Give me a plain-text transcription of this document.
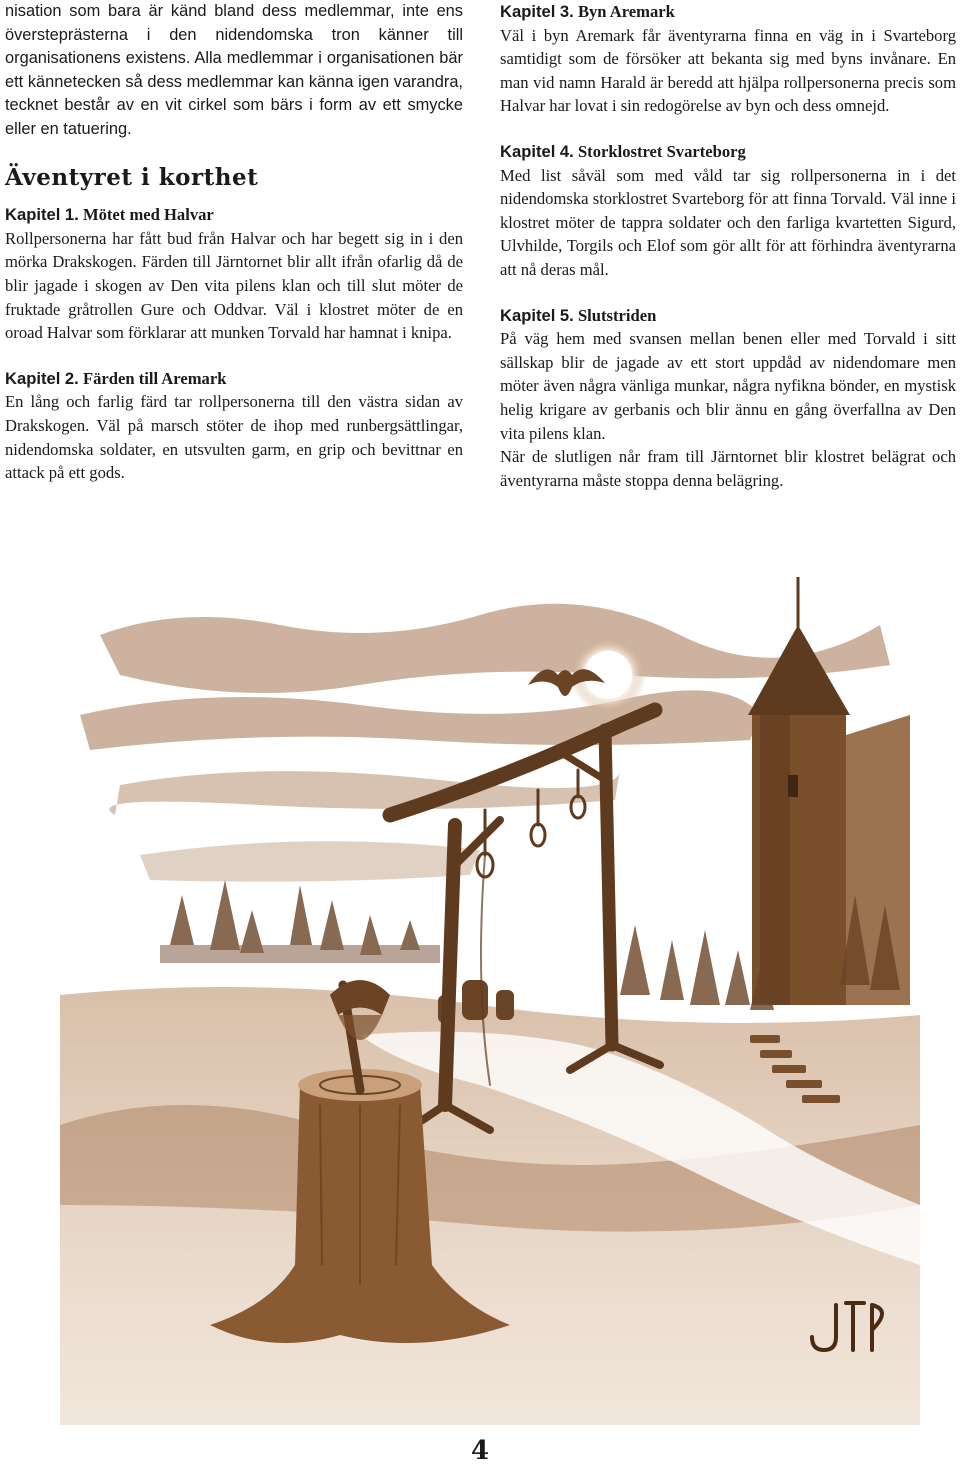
nisation som bara är känd bland dess medlemmar, inte ens översteprästerna i den nidendomska tron känner till organisationens existens. Alla medlemmar i organisationen bär ett kännetecken så dess medlemmar kan känna igen varandra, tecknet består av en vit cirkel som bärs i form av ett smycke eller en tatuering.

Äventyret i korthet

Kapitel 1. Mötet med Halvar

Rollpersonerna har fått bud från Halvar och har begett sig in i den mörka Drakskogen. Färden till Järntornet blir allt ifrån ofarlig då de blir jagade i skogen av Den vita pilens klan och till slut möter de fruktade gråtrollen Gure och Oddvar. Väl i klostret möter de en oroad Halvar som förklarar att munken Torvald har hamnat i knipa.

Kapitel 2. Färden till Aremark

En lång och farlig färd tar rollpersonerna till den västra sidan av Drakskogen. Väl på marsch stöter de ihop med runbergsättlingar, nidendomska soldater, en utsvulten garm, en grip och bevittnar en attack på ett gods.

Kapitel 3. Byn Aremark

Väl i byn Aremark får äventyrarna finna en väg in i Svarteborg samtidigt som de försöker att bekanta sig med byns invånare. En man vid namn Harald är beredd att hjälpa rollpersonerna precis som Halvar har lovat i sin redogörelse av byn och dess omnejd.

Kapitel 4. Storklostret Svarteborg

Med list såväl som med våld tar sig rollpersonerna in i det nidendomska storklostret Svarteborg för att finna Torvald. Väl inne i klostret möter de tappra soldater och den farliga kvartetten Sigurd, Ulvhilde, Torgils och Elof som gör allt för att förhindra äventyrarna att nå deras mål.

Kapitel 5. Slutstriden

På väg hem med svansen mellan benen eller med Torvald i sitt sällskap blir de jagade av ett stort uppdåd av nidendomare men möter även några vänliga munkar, några nyfikna bönder, en mystisk helig krigare av gerbanis och blir ännu en gång överfallna av Den vita pilens klan.

När de slutligen når fram till Järntornet blir klostret belägrat och äventyrarna måste stoppa denna belägring.

4
